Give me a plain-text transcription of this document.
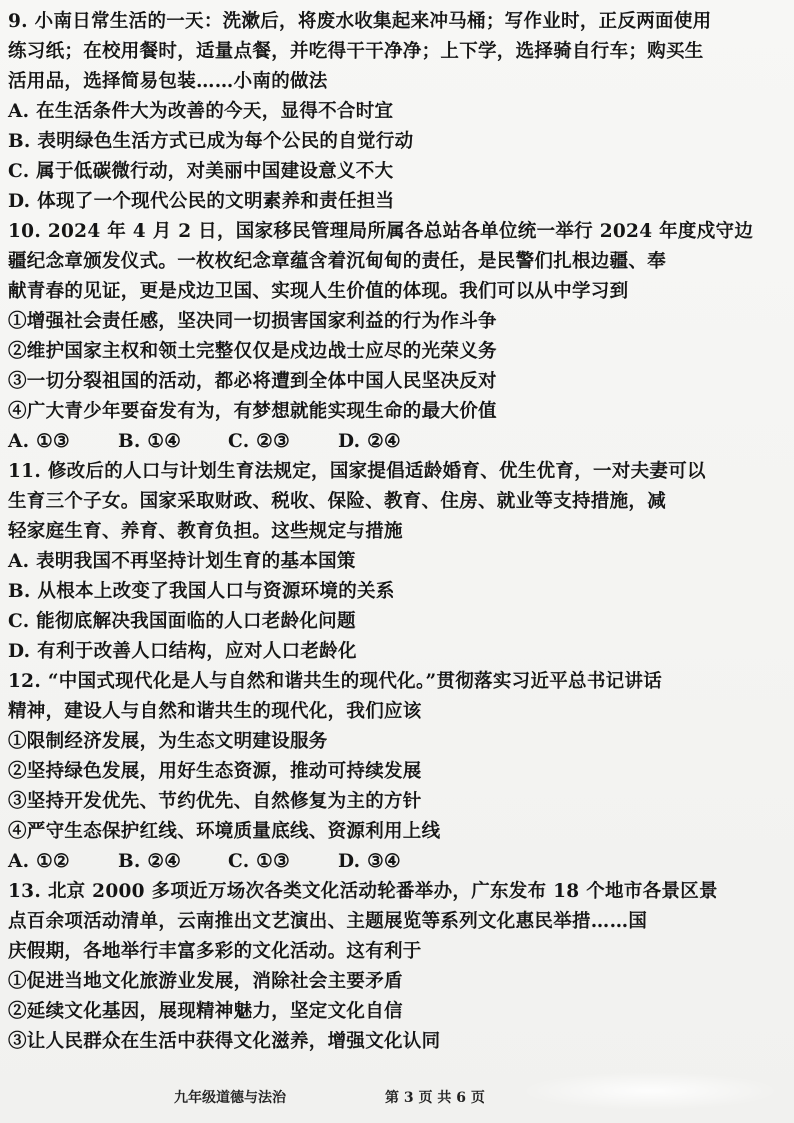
9. 小南日常生活的一天：洗漱后，将废水收集起来冲马桶；写作业时，正反两面使用
练习纸；在校用餐时，适量点餐，并吃得干干净净；上下学，选择骑自行车；购买生
活用品，选择简易包装……小南的做法
A. 在生活条件大为改善的今天，显得不合时宜
B. 表明绿色生活方式已成为每个公民的自觉行动
C. 属于低碳微行动，对美丽中国建设意义不大
D. 体现了一个现代公民的文明素养和责任担当
10. 2024 年 4 月 2 日，国家移民管理局所属各总站各单位统一举行 2024 年度戍守边
疆纪念章颁发仪式。一枚枚纪念章蕴含着沉甸甸的责任，是民警们扎根边疆、奉
献青春的见证，更是戍边卫国、实现人生价值的体现。我们可以从中学习到
①增强社会责任感，坚决同一切损害国家利益的行为作斗争
②维护国家主权和领土完整仅仅是戍边战士应尽的光荣义务
③一切分裂祖国的活动，都必将遭到全体中国人民坚决反对
④广大青少年要奋发有为，有梦想就能实现生命的最大价值
A. ①③	B. ①④	C. ②③	D. ②④
11. 修改后的人口与计划生育法规定，国家提倡适龄婚育、优生优育，一对夫妻可以
生育三个子女。国家采取财政、税收、保险、教育、住房、就业等支持措施，减
轻家庭生育、养育、教育负担。这些规定与措施
A. 表明我国不再坚持计划生育的基本国策
B. 从根本上改变了我国人口与资源环境的关系
C. 能彻底解决我国面临的人口老龄化问题
D. 有利于改善人口结构，应对人口老龄化
12. “中国式现代化是人与自然和谐共生的现代化。”贯彻落实习近平总书记讲话
精神，建设人与自然和谐共生的现代化，我们应该
①限制经济发展，为生态文明建设服务
②坚持绿色发展，用好生态资源，推动可持续发展
③坚持开发优先、节约优先、自然修复为主的方针
④严守生态保护红线、环境质量底线、资源利用上线
A. ①②	B. ②④	C. ①③	D. ③④
13. 北京 2000 多项近万场次各类文化活动轮番举办，广东发布 18 个地市各景区景
点百余项活动清单，云南推出文艺演出、主题展览等系列文化惠民举措……国
庆假期，各地举行丰富多彩的文化活动。这有利于
①促进当地文化旅游业发展，消除社会主要矛盾
②延续文化基因，展现精神魅力，坚定文化自信
③让人民群众在生活中获得文化滋养，增强文化认同
九年级道德与法治	第 3 页 共 6 页
